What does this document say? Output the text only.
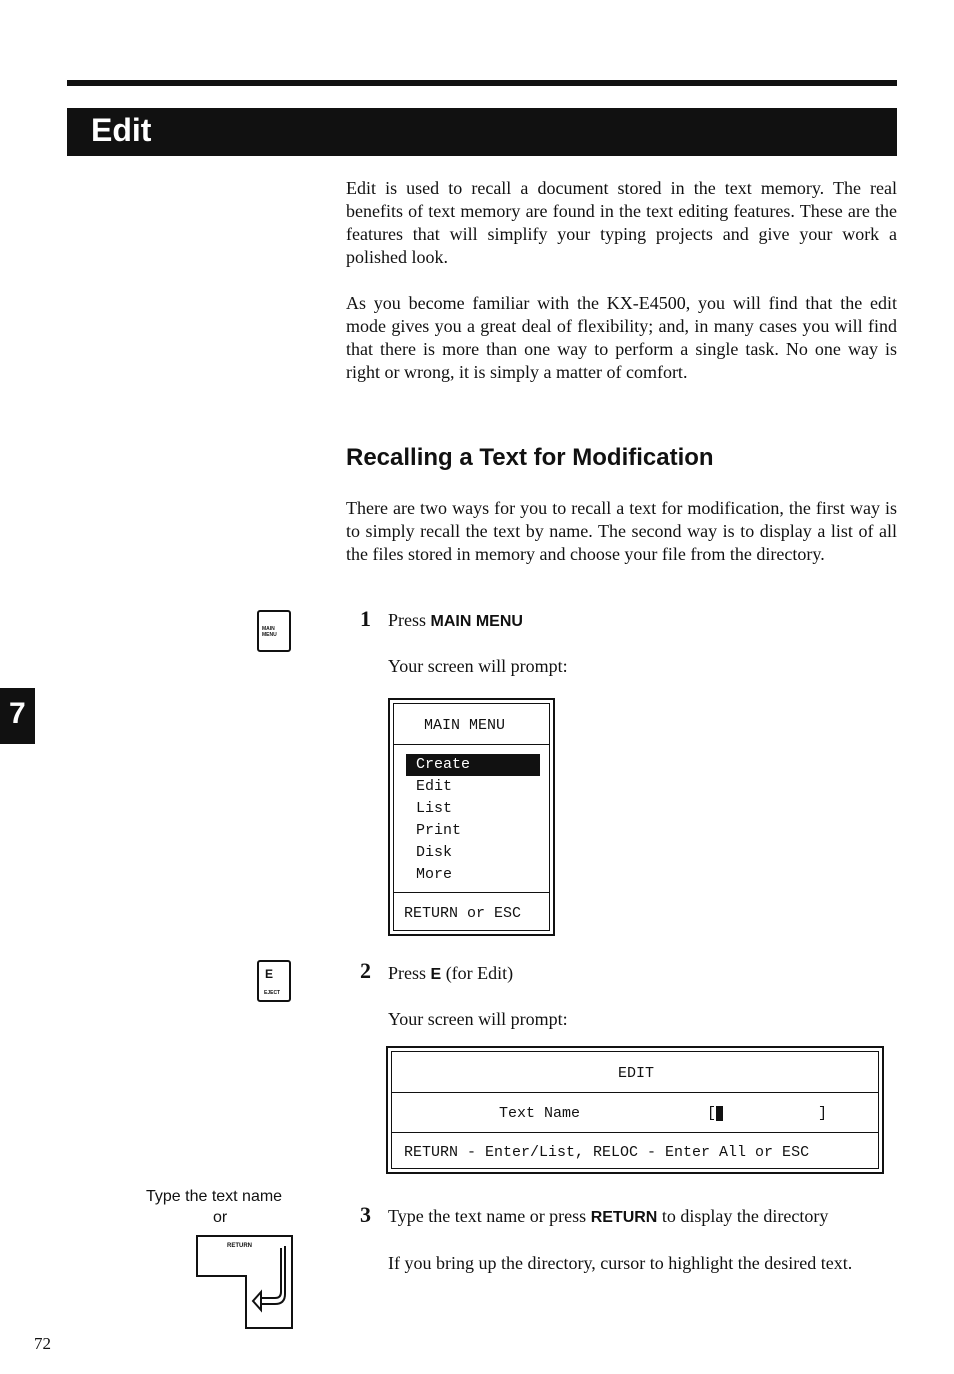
Edit

Edit is used to recall a document stored in the text memory. The real benefits of text memory are found in the text editing features. These are the features that will simplify your typing projects and give your work a polished look.

As you become familiar with the KX-E4500, you will find that the edit mode gives you a great deal of flexibility; and, in many cases you will find that there is more than one way to perform a single task. No one way is right or wrong, it is simply a matter of comfort.

Recalling a Text for Modification

There are two ways for you to recall a text for modification, the first way is to simply recall the text by name. The second way is to display a list of all the files stored in memory and choose your file from the directory.

7
MAIN
MENU
1 Press MAIN MENU
Your screen will prompt:
MAIN MENU
Create
Edit
List
Print
Disk
More
RETURN or ESC
E
EJECT
2 Press E (for Edit)
Your screen will prompt:
EDIT
Text Name	[	]
RETURN - Enter/List, RELOC - Enter All or ESC
Type the text name
or
RETURN
3 Type the text name or press RETURN to display the directory

If you bring up the directory, cursor to highlight the desired text.

72
